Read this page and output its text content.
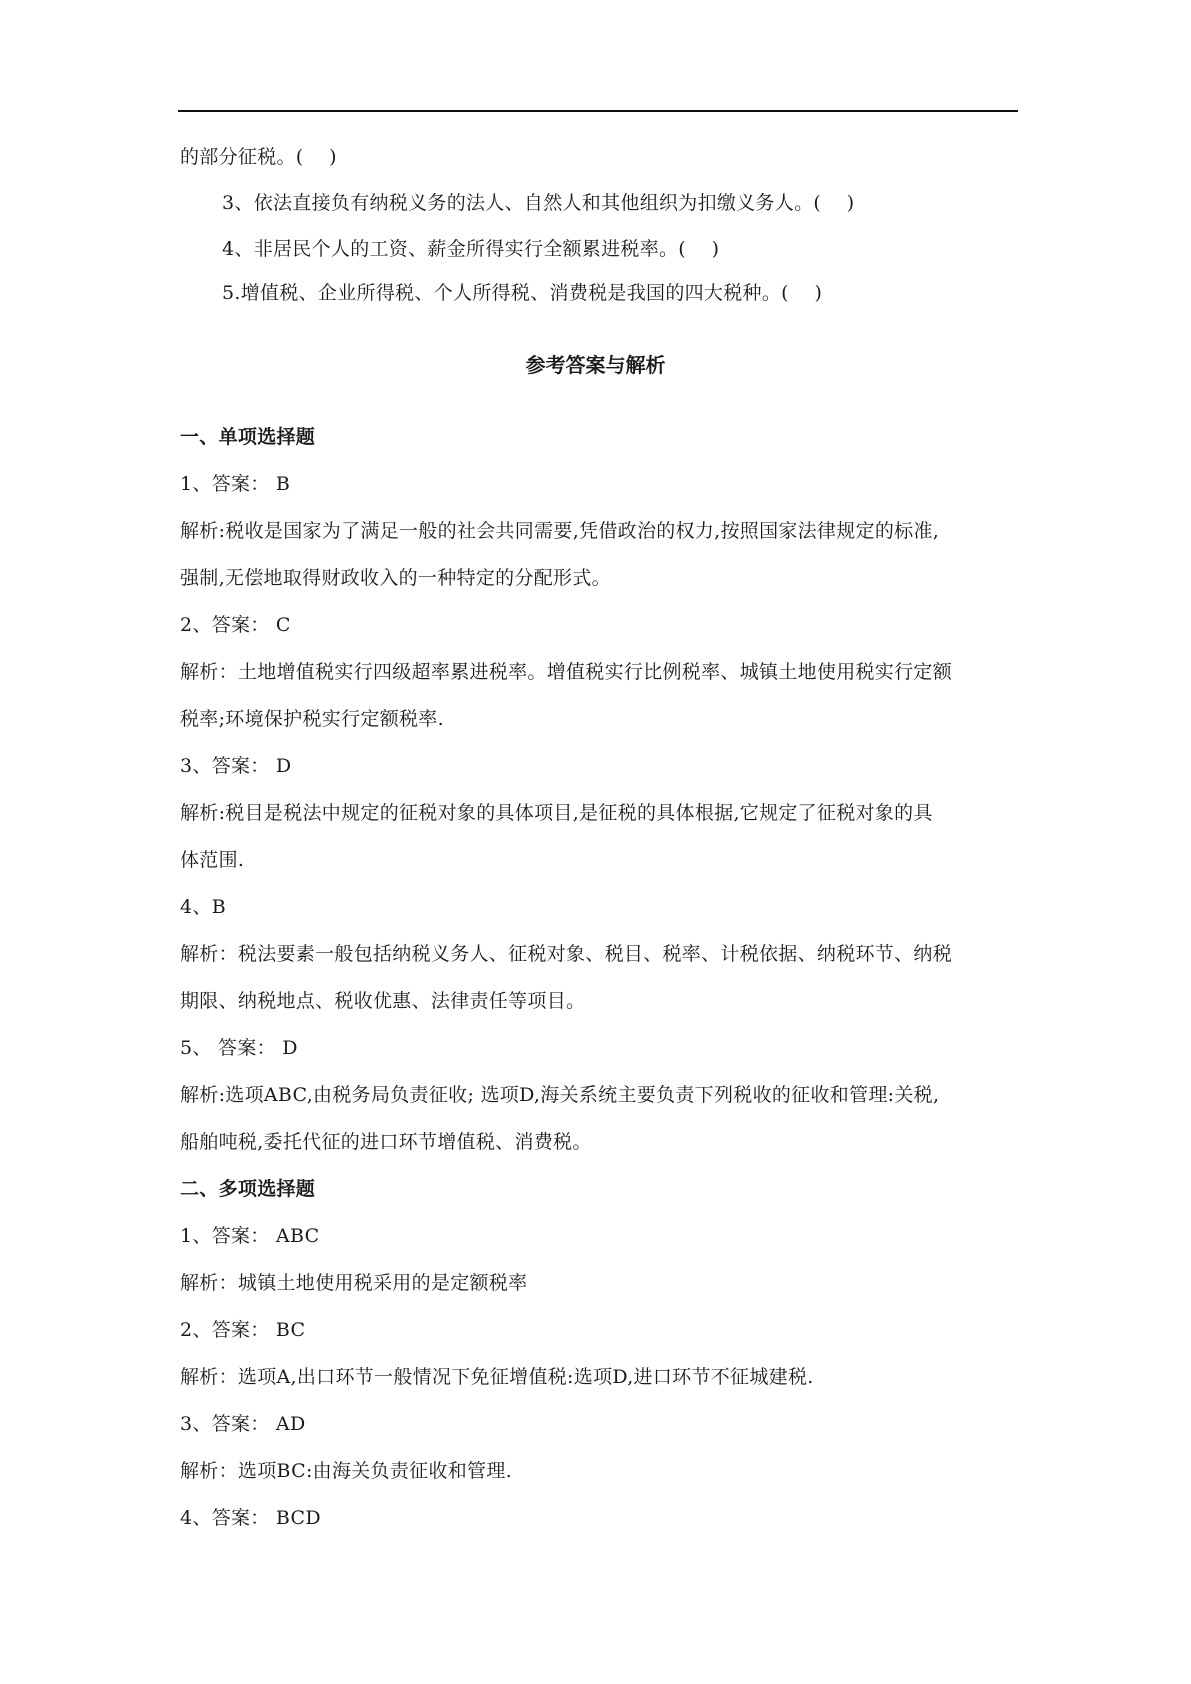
的部分征税。(　 )
3、依法直接负有纳税义务的法人、自然人和其他组织为扣缴义务人。(　 )
4、非居民个人的工资、薪金所得实行全额累进税率。(　 )
5.增值税、企业所得税、个人所得税、消费税是我国的四大税种。(　 )
参考答案与解析
一、单项选择题
1、答案： B
解析:税收是国家为了满足一般的社会共同需要,凭借政治的权力,按照国家法律规定的标准,
强制,无偿地取得财政收入的一种特定的分配形式。
2、答案： C
解析：土地增值税实行四级超率累进税率。增值税实行比例税率、城镇土地使用税实行定额
税率;环境保护税实行定额税率.
3、答案： D
解析:税目是税法中规定的征税对象的具体项目,是征税的具体根据,它规定了征税对象的具
体范围.
4、B
解析：税法要素一般包括纳税义务人、征税对象、税目、税率、计税依据、纳税环节、纳税
期限、纳税地点、税收优惠、法律责任等项目。
5、 答案： D
解析:选项ABC,由税务局负责征收; 选项D,海关系统主要负责下列税收的征收和管理:关税,
船舶吨税,委托代征的进口环节增值税、消费税。
二、多项选择题
1、答案： ABC
解析：城镇土地使用税采用的是定额税率
2、答案： BC
解析：选项A,出口环节一般情况下免征增值税:选项D,进口环节不征城建税.
3、答案： AD
解析：选项BC:由海关负责征收和管理.
4、答案： BCD
